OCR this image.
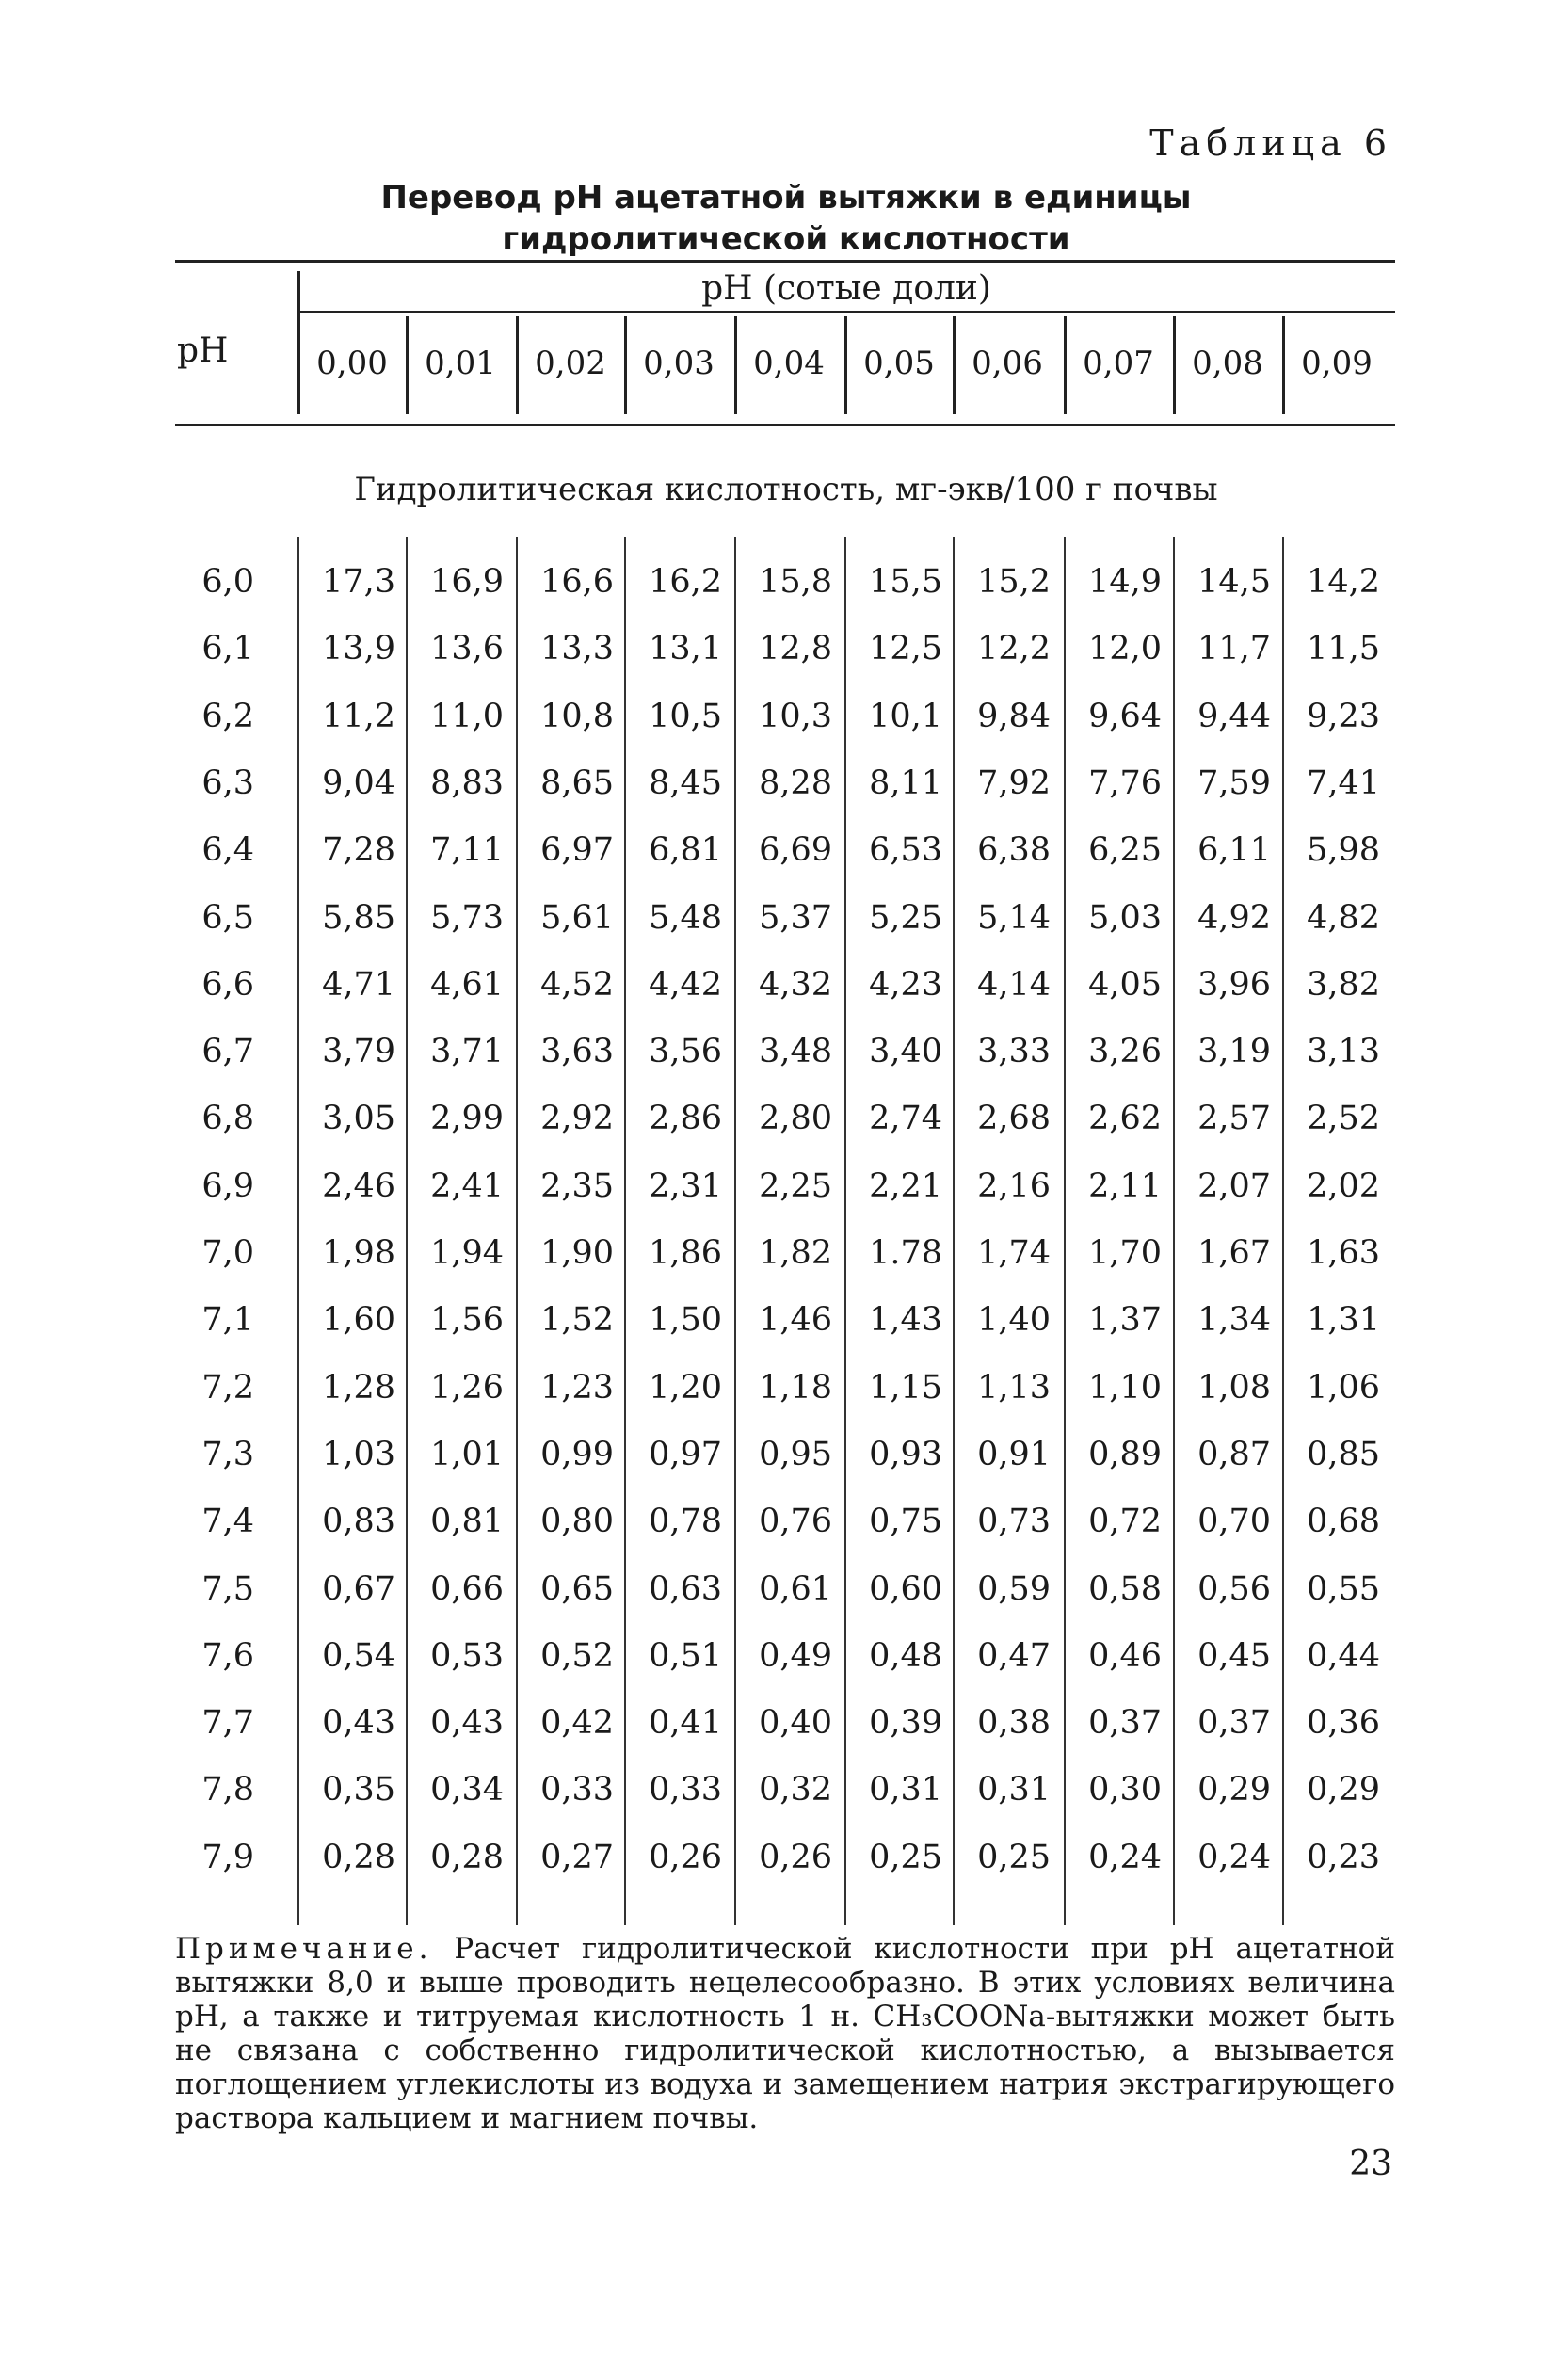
Таблица 6
Перевод pH ацетатной вытяжки в единицы
гидролитической кислотности
pH
pH (сотые доли)
0,00	0,01	0,02	0,03	0,04	0,05	0,06	0,07	0,08	0,09
Гидролитическая кислотность, мг-экв/100 г почвы
6,0	17,3	16,9	16,6	16,2	15,8	15,5	15,2	14,9	14,5	14,2
6,1	13,9	13,6	13,3	13,1	12,8	12,5	12,2	12,0	11,7	11,5
6,2	11,2	11,0	10,8	10,5	10,3	10,1	9,84	9,64	9,44	9,23
6,3	9,04	8,83	8,65	8,45	8,28	8,11	7,92	7,76	7,59	7,41
6,4	7,28	7,11	6,97	6,81	6,69	6,53	6,38	6,25	6,11	5,98
6,5	5,85	5,73	5,61	5,48	5,37	5,25	5,14	5,03	4,92	4,82
6,6	4,71	4,61	4,52	4,42	4,32	4,23	4,14	4,05	3,96	3,82
6,7	3,79	3,71	3,63	3,56	3,48	3,40	3,33	3,26	3,19	3,13
6,8	3,05	2,99	2,92	2,86	2,80	2,74	2,68	2,62	2,57	2,52
6,9	2,46	2,41	2,35	2,31	2,25	2,21	2,16	2,11	2,07	2,02
7,0	1,98	1,94	1,90	1,86	1,82	1.78	1,74	1,70	1,67	1,63
7,1	1,60	1,56	1,52	1,50	1,46	1,43	1,40	1,37	1,34	1,31
7,2	1,28	1,26	1,23	1,20	1,18	1,15	1,13	1,10	1,08	1,06
7,3	1,03	1,01	0,99	0,97	0,95	0,93	0,91	0,89	0,87	0,85
7,4	0,83	0,81	0,80	0,78	0,76	0,75	0,73	0,72	0,70	0,68
7,5	0,67	0,66	0,65	0,63	0,61	0,60	0,59	0,58	0,56	0,55
7,6	0,54	0,53	0,52	0,51	0,49	0,48	0,47	0,46	0,45	0,44
7,7	0,43	0,43	0,42	0,41	0,40	0,39	0,38	0,37	0,37	0,36
7,8	0,35	0,34	0,33	0,33	0,32	0,31	0,31	0,30	0,29	0,29
7,9	0,28	0,28	0,27	0,26	0,26	0,25	0,25	0,24	0,24	0,23
Примечание. Расчет гидролитической кислотности при pH ацетатной вытяжки 8,0 и выше проводить нецелесообразно. В этих условиях величина pH, а также и титруемая кислотность 1 н. CH₃COONa-вытяжки может быть не связана с собственно гидролитической кислотностью, а вызывается поглощением углекислоты из водуха и замещением натрия экстрагирующего раствора кальцием и магнием почвы.
23
